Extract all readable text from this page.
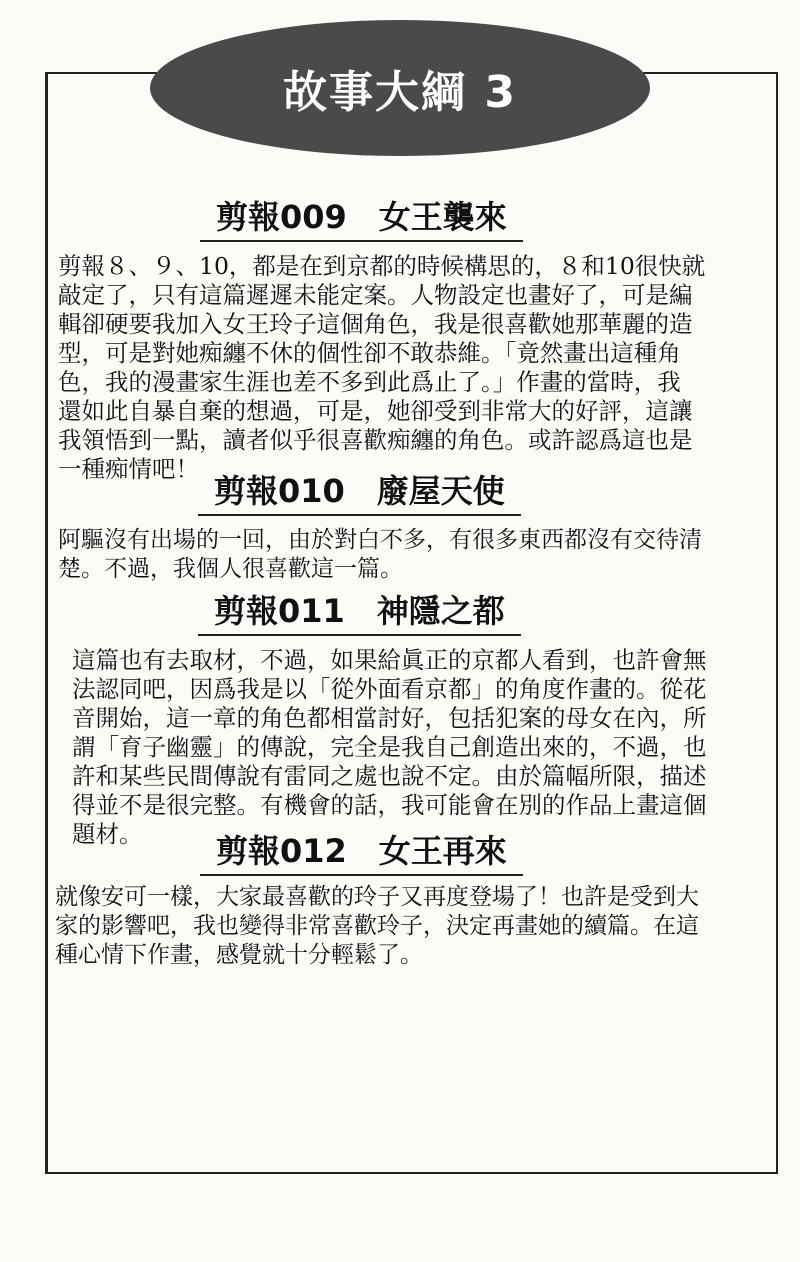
故事大綱 3
剪報009　女王襲來
剪報８、９、10，都是在到京都的時候構思的，８和10很快就
敲定了，只有這篇遲遲未能定案。人物設定也畫好了，可是編
輯卻硬要我加入女王玲子這個角色，我是很喜歡她那華麗的造
型，可是對她痴纏不休的個性卻不敢恭維。「竟然畫出這種角
色，我的漫畫家生涯也差不多到此爲止了。」作畫的當時，我
還如此自暴自棄的想過，可是，她卻受到非常大的好評，這讓
我領悟到一點，讀者似乎很喜歡痴纏的角色。或許認爲這也是
一種痴情吧！
剪報010　廢屋天使
阿驅沒有出場的一回，由於對白不多，有很多東西都沒有交待清
楚。不過，我個人很喜歡這一篇。
剪報011　神隱之都
這篇也有去取材，不過，如果給眞正的京都人看到，也許會無
法認同吧，因爲我是以「從外面看京都」的角度作畫的。從花
音開始，這一章的角色都相當討好，包括犯案的母女在內，所
謂「育子幽靈」的傳說，完全是我自己創造出來的，不過，也
許和某些民間傳說有雷同之處也說不定。由於篇幅所限，描述
得並不是很完整。有機會的話，我可能會在別的作品上畫這個
題材。	剪報012　女王再來
就像安可一樣，大家最喜歡的玲子又再度登場了！也許是受到大
家的影響吧，我也變得非常喜歡玲子，決定再畫她的續篇。在這
種心情下作畫，感覺就十分輕鬆了。
